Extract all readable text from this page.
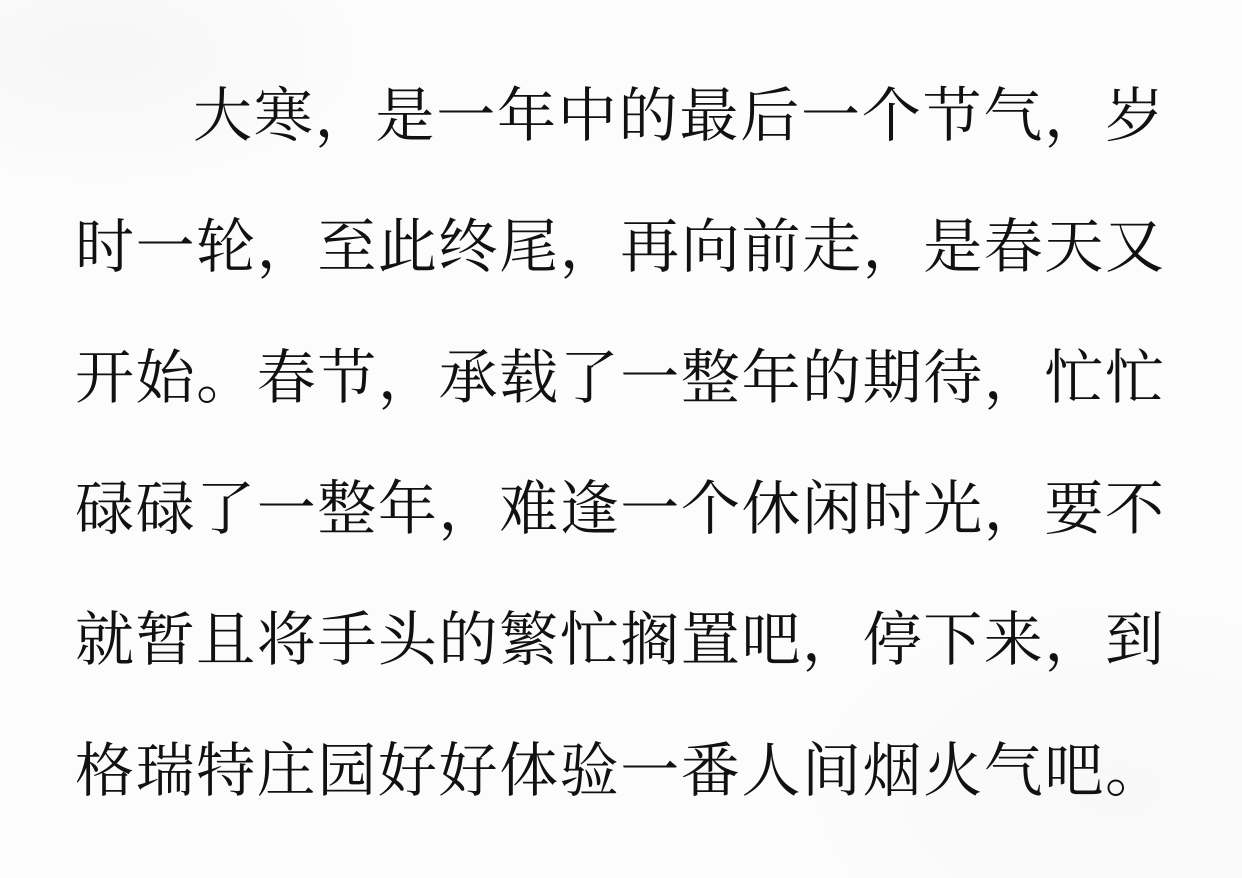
大寒，是一年中的最后一个节气，岁
时一轮，至此终尾，再向前走，是春天又
开始。春节，承载了一整年的期待，忙忙
碌碌了一整年，难逢一个休闲时光，要不
就暂且将手头的繁忙搁置吧，停下来，到
格瑞特庄园好好体验一番人间烟火气吧。
